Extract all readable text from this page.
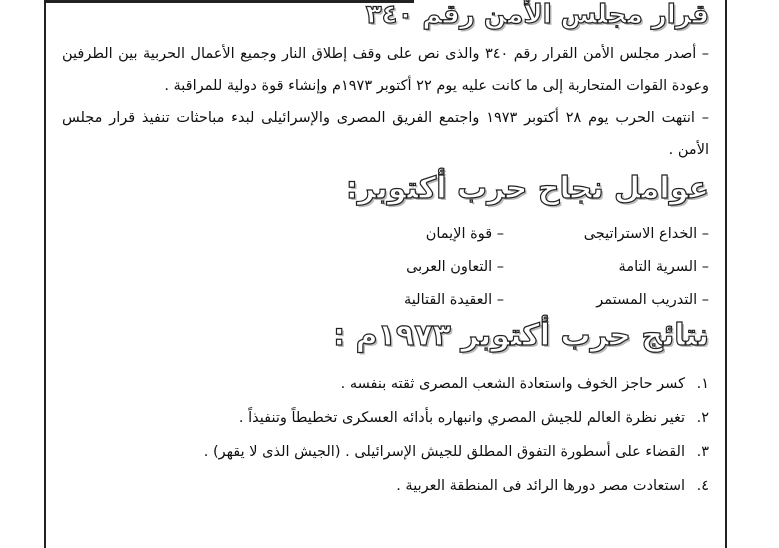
قرار مجلس الأمن رقم ٣٤٠

– أصدر مجلس الأمن القرار رقم ٣٤٠ والذى نص على وقف إطلاق النار وجميع الأعمال الحربية بين الطرفين وعودة القوات المتحاربة إلى ما كانت عليه يوم ٢٢ أكتوبر ١٩٧٣م وإنشاء قوة دولية للمراقبة .

– انتهت الحرب يوم ٢٨ أكتوبر ١٩٧٣ واجتمع الفريق المصرى والإسرائيلى لبدء مباحثات تنفيذ قرار مجلس الأمن .

عوامل نجاح حرب أكتوبر:
– الخداع الاستراتيجى
– قوة الإيمان
– السرية التامة
– التعاون العربى
– التدريب المستمر
– العقيدة القتالية
نتائج حرب أكتوبر ١٩٧٣م :
١.كسر حاجز الخوف واستعادة الشعب المصرى ثقته بنفسه .
٢.تغير نظرة العالم للجيش المصري وانبهاره بأدائه العسكرى تخطيطاً وتنفيذاً .
٣.القضاء على أسطورة التفوق المطلق للجيش الإسرائيلى . (الجيش الذى لا يقهر) .
٤.استعادت مصر دورها الرائد فى المنطقة العربية .
